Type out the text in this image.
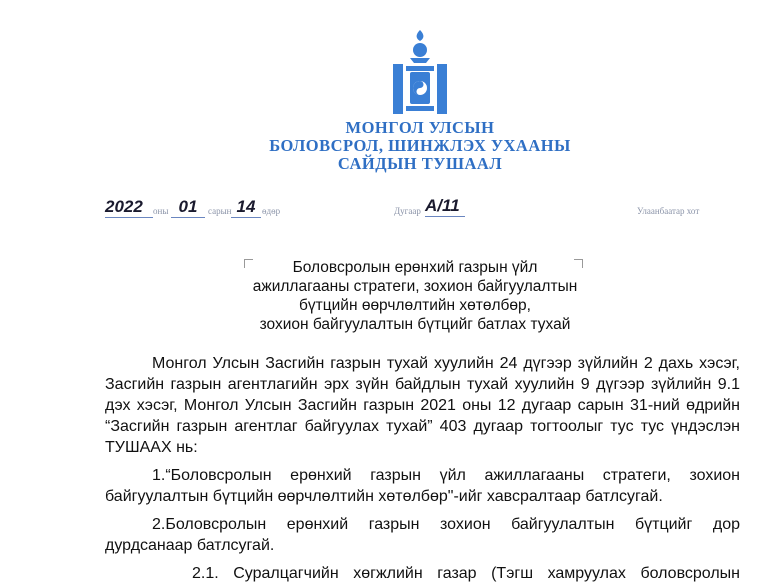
МОНГОЛ УЛСЫН
БОЛОВСРОЛ, ШИНЖЛЭХ УХААНЫ
САЙДЫН ТУШААЛ
2022	оны 01	сарын 14 өдөр	Дугаар А/11	Улаанбаатар хот
Боловсролын ерөнхий газрын үйл
ажиллагааны стратеги, зохион байгуулалтын
бүтцийн өөрчлөлтийн хөтөлбөр,
зохион байгуулалтын бүтцийг батлах тухай
Монгол Улсын Засгийн газрын тухай хуулийн 24 дүгээр зүйлийн 2 дахь хэсэг,
Засгийн газрын агентлагийн эрх зүйн байдлын тухай хуулийн 9 дүгээр зүйлийн 9.1
дэх хэсэг, Монгол Улсын Засгийн газрын 2021 оны 12 дугаар сарын 31-ний өдрийн
“Засгийн газрын агентлаг байгуулах тухай” 403 дугаар тогтоолыг тус тус үндэслэн
ТУШААХ нь:
1.“Боловсролын ерөнхий газрын үйл ажиллагааны стратеги, зохион
байгуулалтын бүтцийн өөрчлөлтийн хөтөлбөр"-ийг хавсралтаар батлсугай.
2.Боловсролын ерөнхий газрын зохион байгуулалтын бүтцийг дор
дурдсанаар батлсугай.
2.1. Суралцагчийн хөгжлийн газар (Тэгш хамруулах боловсролын
